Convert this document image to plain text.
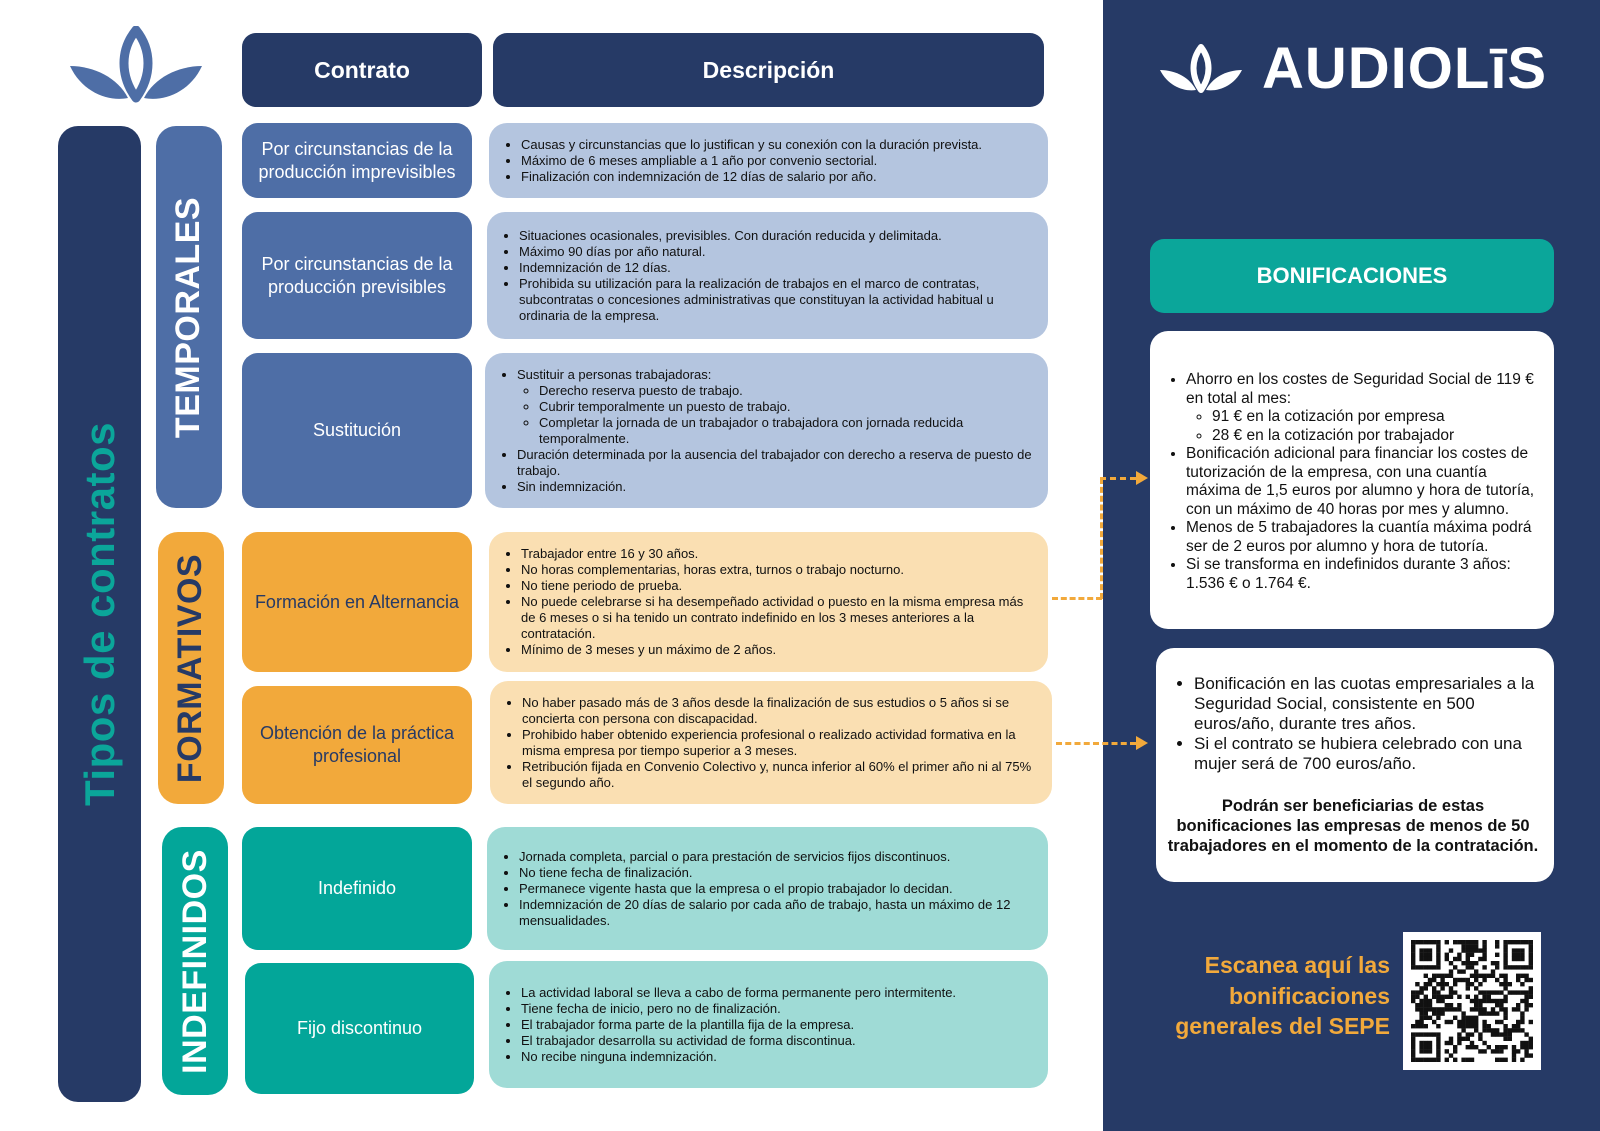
Contrato	Descripción
Tipos de contratos
TEMPORALES
FORMATIVOS
INDEFINIDOS
Por circunstancias de la producción imprevisibles
• Causas y circunstancias que lo justifican y su conexión con la duración prevista.
• Máximo de 6 meses ampliable a 1 año por convenio sectorial.
• Finalización con indemnización de 12 días de salario por año.
Por circunstancias de la producción previsibles
• Situaciones ocasionales, previsibles. Con duración reducida y delimitada.
• Máximo 90 días por año natural.
• Indemnización de 12 días.
• Prohibida su utilización para la realización de trabajos en el marco de contratas, subcontratas o concesiones administrativas que constituyan la actividad habitual u ordinaria de la empresa.
Sustitución
• Sustituir a personas trabajadoras:
◦ Derecho reserva puesto de trabajo.
◦ Cubrir temporalmente un puesto de trabajo.
◦ Completar la jornada de un trabajador o trabajadora con jornada reducida temporalmente.
• Duración determinada por la ausencia del trabajador con derecho a reserva de puesto de trabajo.
• Sin indemnización.
Formación en Alternancia
• Trabajador entre 16 y 30 años.
• No horas complementarias, horas extra, turnos o trabajo nocturno.
• No tiene periodo de prueba.
• No puede celebrarse si ha desempeñado actividad o puesto en la misma empresa más de 6 meses o si ha tenido un contrato indefinido en los 3 meses anteriores a la contratación.
• Mínimo de 3 meses y un máximo de 2 años.
Obtención de la práctica profesional
• No haber pasado más de 3 años desde la finalización de sus estudios o 5 años si se concierta con persona con discapacidad.
• Prohibido haber obtenido experiencia profesional o realizado actividad formativa en la misma empresa por tiempo superior a 3 meses.
• Retribución fijada en Convenio Colectivo y, nunca inferior al 60% el primer año ni al 75% el segundo año.
Indefinido
• Jornada completa, parcial o para prestación de servicios fijos discontinuos.
• No tiene fecha de finalización.
• Permanece vigente hasta que la empresa o el propio trabajador lo decidan.
• Indemnización de 20 días de salario por cada año de trabajo, hasta un máximo de 12 mensualidades.
Fijo discontinuo
• La actividad laboral se lleva a cabo de forma permanente pero intermitente.
• Tiene fecha de inicio, pero no de finalización.
• El trabajador forma parte de la plantilla fija de la empresa.
• El trabajador desarrolla su actividad de forma discontinua.
• No recibe ninguna indemnización.
AUDIOLīS
BONIFICACIONES
• Ahorro en los costes de Seguridad Social de 119 € en total al mes:
◦ 91 € en la cotización por empresa
◦ 28 € en la cotización por trabajador
• Bonificación adicional para financiar los costes de tutorización de la empresa, con una cuantía máxima de 1,5 euros por alumno y hora de tutoría, con un máximo de 40 horas por mes y alumno.
• Menos de 5 trabajadores la cuantía máxima podrá ser de 2 euros por alumno y hora de tutoría.
• Si se transforma en indefinidos durante 3 años: 1.536 € o 1.764 €.
• Bonificación en las cuotas empresariales a la Seguridad Social, consistente en 500 euros/año, durante tres años.
• Si el contrato se hubiera celebrado con una mujer será de 700 euros/año.
Podrán ser beneficiarias de estas bonificaciones las empresas de menos de 50 trabajadores en el momento de la contratación.
Escanea aquí las bonificaciones generales del SEPE
